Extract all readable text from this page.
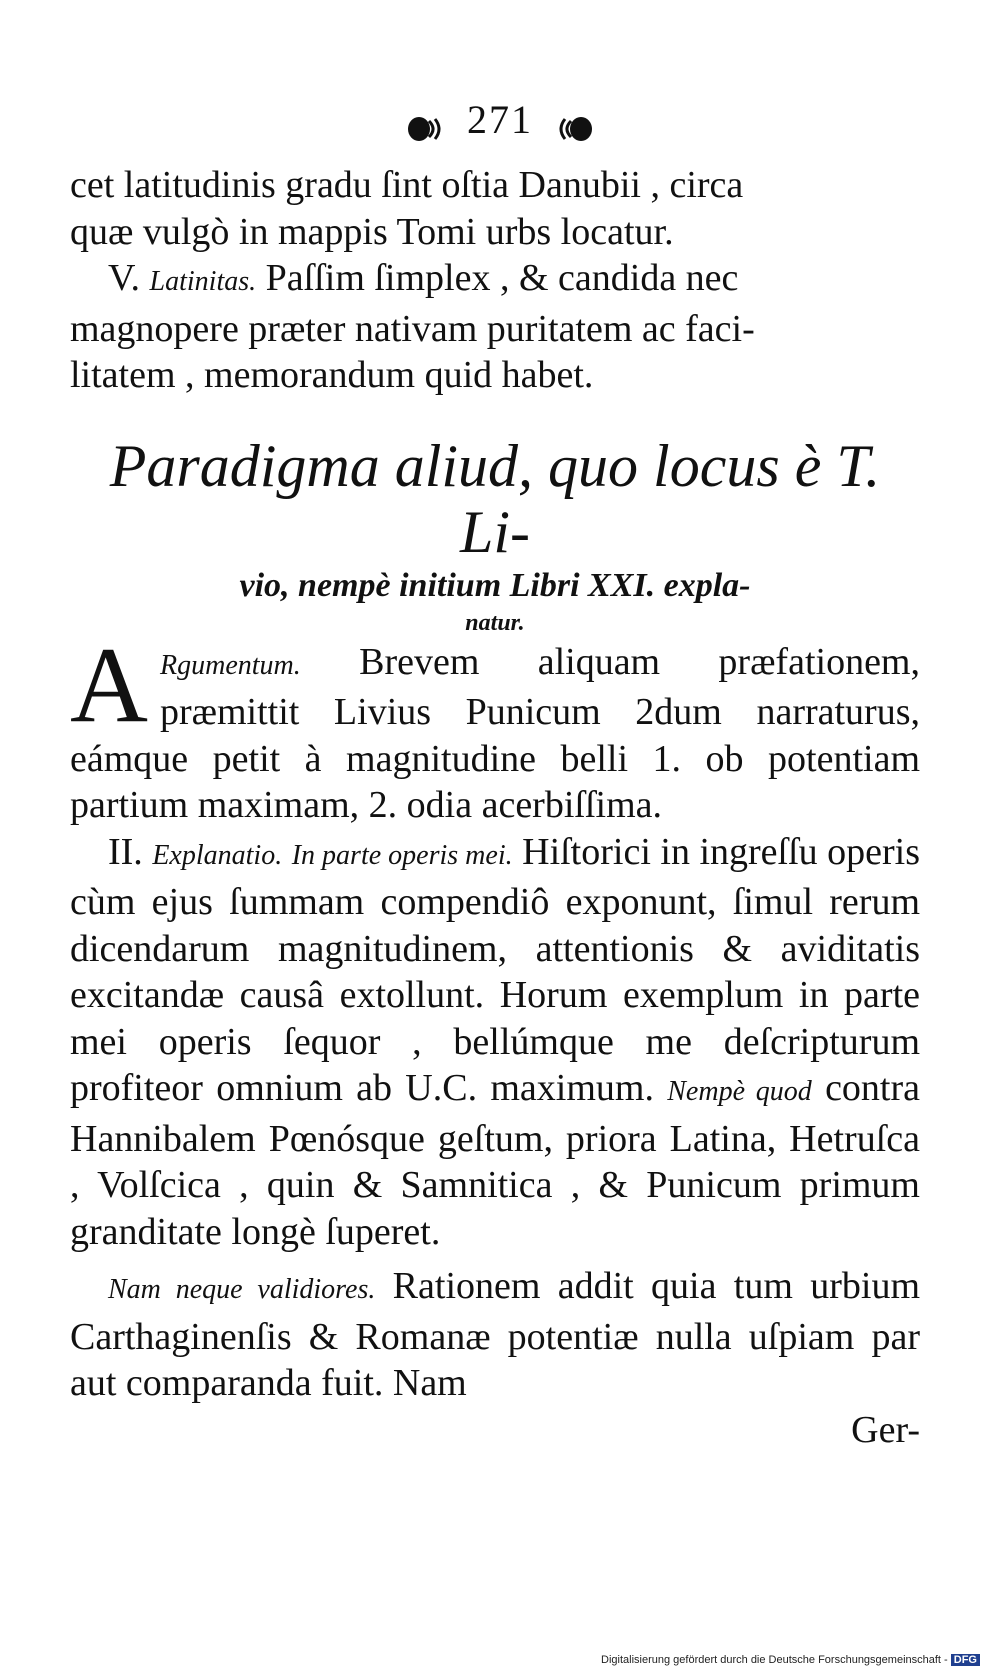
271

cet latitudinis gradu ſint oſtia Danubii , circa

quæ vulgò in mappis Tomi urbs locatur.

V. Latinitas. Paſſim ſimplex , & candida nec

magnopere præter nativam puritatem ac faci-

litatem , memorandum quid habet.

Paradigma aliud, quo locus è T. Li-
vio, nempè initium Libri XXI. expla-
natur.

A Rgumentum. Brevem aliquam præfationem, præmittit Livius Punicum 2dum narraturus, eámque petit à magnitudine belli 1. ob potentiam partium maximam, 2. odia acerbiſſima.

II. Explanatio. In parte operis mei. Hiſtorici in ingreſſu operis cùm ejus ſummam compendiô exponunt, ſimul rerum dicendarum magnitudinem, attentionis & aviditatis excitandæ causâ extollunt. Horum exemplum in parte mei operis ſequor , bellúmque me deſcripturum profiteor omnium ab U.C. maximum. Nempè quod contra Hannibalem Pœnósque geſtum, priora Latina, Hetruſca , Volſcica , quin & Samnitica , & Punicum primum granditate longè ſuperet.

Nam neque validiores. Rationem addit quia tum urbium Carthaginenſis & Romanæ potentiæ nulla uſpiam par aut comparanda fuit. Nam

Ger-

Digitalisierung gefördert durch die Deutsche Forschungsgemeinschaft - DFG
